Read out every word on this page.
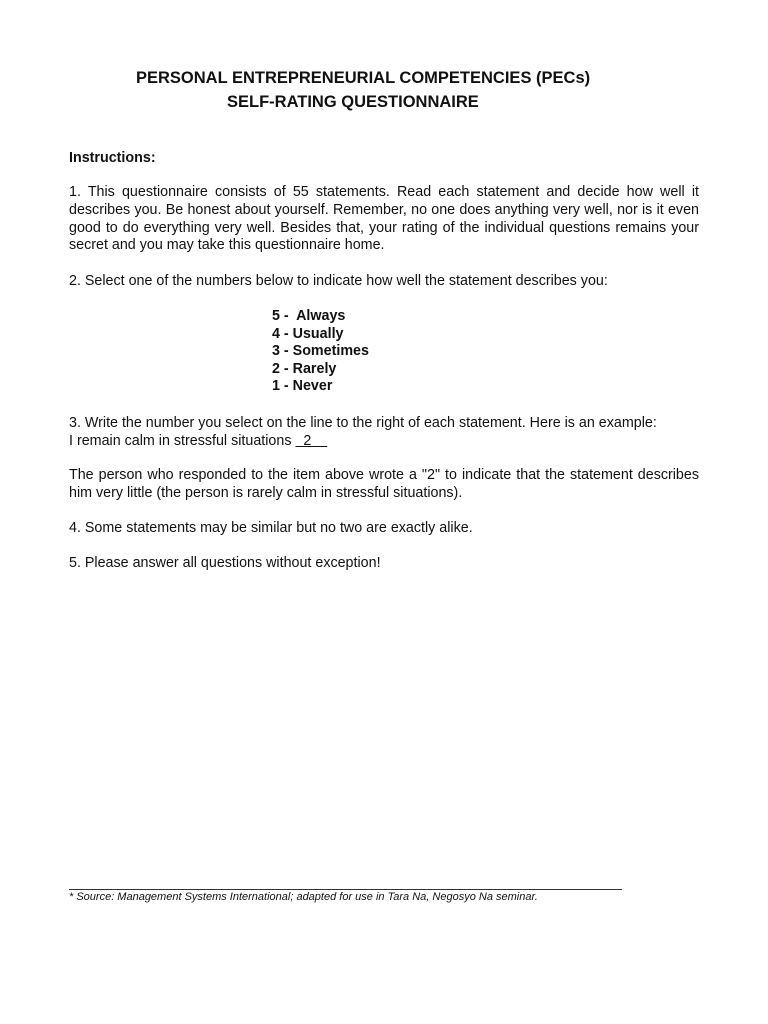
PERSONAL ENTREPRENEURIAL COMPETENCIES (PECs)
SELF-RATING QUESTIONNAIRE
Instructions:
1. This questionnaire consists of 55 statements. Read each statement and decide how well it describes you. Be honest about yourself. Remember, no one does anything very well, nor is it even good to do everything very well. Besides that, your rating of the individual questions remains your secret and you may take this questionnaire home.
2. Select one of the numbers below to indicate how well the statement describes you:
5 -  Always
4 - Usually
3 - Sometimes
2 - Rarely
1 - Never
3. Write the number you select on the line to the right of each statement. Here is an example:
I remain calm in stressful situations  2
The person who responded to the item above wrote a "2" to indicate that the statement describes him very little (the person is rarely calm in stressful situations).
4. Some statements may be similar but no two are exactly alike.
5. Please answer all questions without exception!
* Source: Management Systems International; adapted for use in Tara Na, Negosyo Na seminar.
